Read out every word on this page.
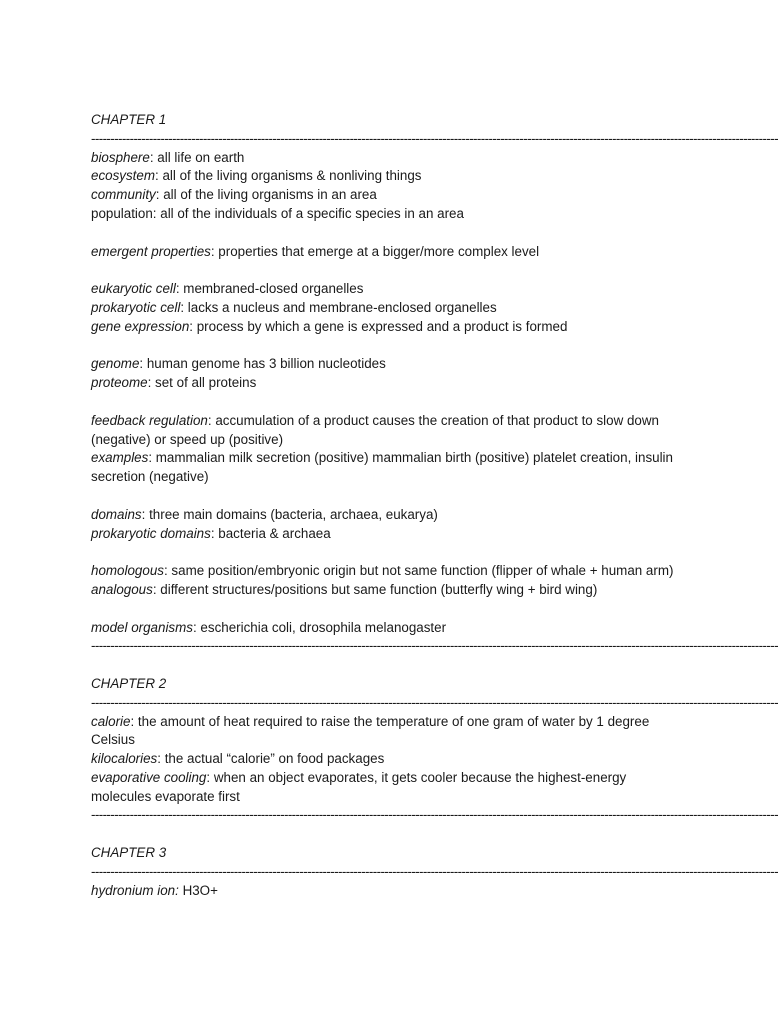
CHAPTER 1

----------------------------------------------------------------------------------------------------------------------------------------------------------------------------------

biosphere: all life on earth

ecosystem: all of the living organisms & nonliving things

community: all of the living organisms in an area

population: all of the individuals of a specific species in an area

emergent properties: properties that emerge at a bigger/more complex level

eukaryotic cell: membraned-closed organelles

prokaryotic cell: lacks a nucleus and membrane-enclosed organelles

gene expression: process by which a gene is expressed and a product is formed

genome: human genome has 3 billion nucleotides

proteome: set of all proteins

feedback regulation: accumulation of a product causes the creation of that product to slow down (negative) or speed up (positive)

examples: mammalian milk secretion (positive) mammalian birth (positive) platelet creation, insulin secretion (negative)

domains: three main domains (bacteria, archaea, eukarya)

prokaryotic domains: bacteria & archaea

homologous: same position/embryonic origin but not same function (flipper of whale + human arm)

analogous: different structures/positions but same function (butterfly wing + bird wing)

model organisms: escherichia coli, drosophila melanogaster

----------------------------------------------------------------------------------------------------------------------------------------------------------------------------------

CHAPTER 2

----------------------------------------------------------------------------------------------------------------------------------------------------------------------------------

calorie: the amount of heat required to raise the temperature of one gram of water by 1 degree Celsius

kilocalories: the actual “calorie” on food packages

evaporative cooling: when an object evaporates, it gets cooler because the highest-energy molecules evaporate first

----------------------------------------------------------------------------------------------------------------------------------------------------------------------------------

CHAPTER 3

----------------------------------------------------------------------------------------------------------------------------------------------------------------------------------

hydronium ion: H3O+
